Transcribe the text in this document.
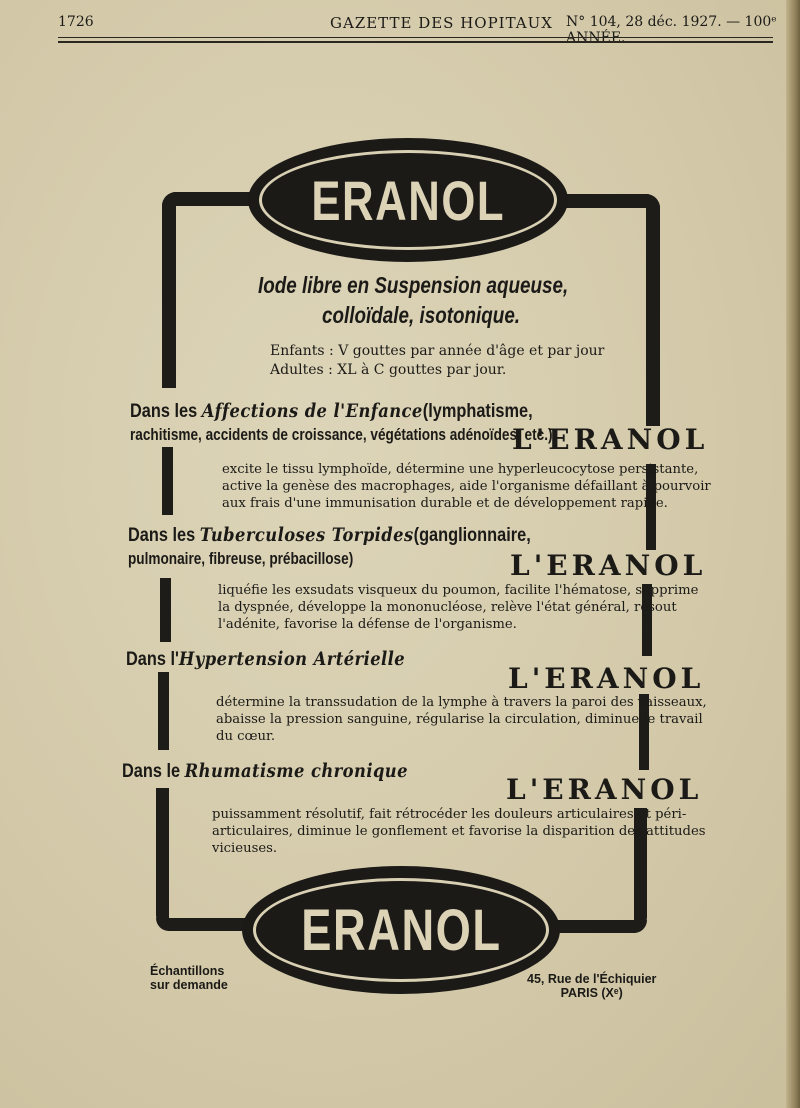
1726	GAZETTE DES HOPITAUX N° 104, 28 déc. 1927. — 100ᵉ ANNÉE.
ERANOL
Iode libre en Suspension aqueuse,
colloïdale, isotonique.
Enfants : V gouttes par année d'âge et par jour
Adultes : XL à C gouttes par jour.
Dans les Affections de l'Enfance(lymphatisme,
rachitisme, accidents de croissance, végétations adénoïdes, etc.)
L'ERANOL
excite le tissu lymphoïde, détermine une hyperleucocytose persistante,
active la genèse des macrophages, aide l'organisme défaillant à pourvoir
aux frais d'une immunisation durable et de développement rapide.
Dans les Tuberculoses Torpides(ganglionnaire,
pulmonaire, fibreuse, prébacillose)	L'ERANOL
liquéfie les exsudats visqueux du poumon, facilite l'hématose, supprime
la dyspnée, développe la mononucléose, relève l'état général, résout
l'adénite, favorise la défense de l'organisme.
Dans l'Hypertension Artérielle
L'ERANOL
détermine la transsudation de la lymphe à travers la paroi des vaisseaux,
abaisse la pression sanguine, régularise la circulation, diminue le travail
du cœur.
Dans le Rhumatisme chronique
L'ERANOL
puissamment résolutif, fait rétrocéder les douleurs articulaires et péri-
articulaires, diminue le gonflement et favorise la disparition des attitudes
vicieuses.
ERANOL
Échantillons
sur demande	45, Rue de l'Échiquier
PARIS (Xᵉ)
